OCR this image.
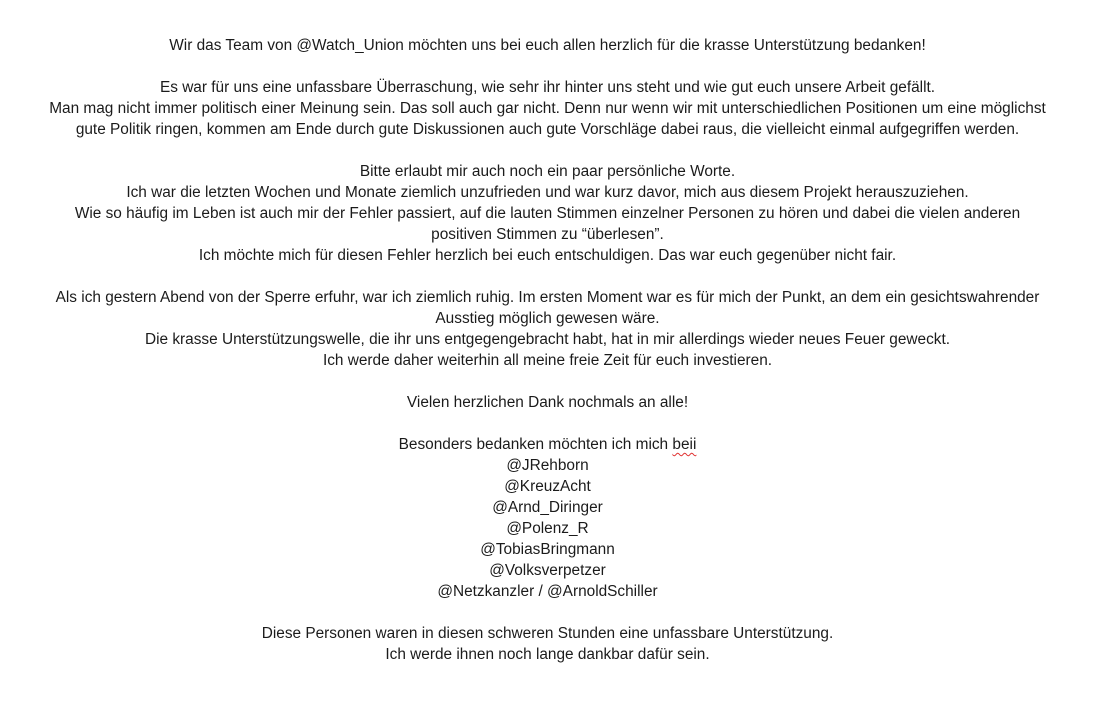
Wir das Team von @Watch_Union möchten uns bei euch allen herzlich für die krasse Unterstützung bedanken!

Es war für uns eine unfassbare Überraschung, wie sehr ihr hinter uns steht und wie gut euch unsere Arbeit gefällt.
Man mag nicht immer politisch einer Meinung sein. Das soll auch gar nicht. Denn nur wenn wir mit unterschiedlichen Positionen um eine möglichst gute Politik ringen, kommen am Ende durch gute Diskussionen auch gute Vorschläge dabei raus, die vielleicht einmal aufgegriffen werden.

Bitte erlaubt mir auch noch ein paar persönliche Worte.
Ich war die letzten Wochen und Monate ziemlich unzufrieden und war kurz davor, mich aus diesem Projekt herauszuziehen.
Wie so häufig im Leben ist auch mir der Fehler passiert, auf die lauten Stimmen einzelner Personen zu hören und dabei die vielen anderen positiven Stimmen zu “überlesen”.
Ich möchte mich für diesen Fehler herzlich bei euch entschuldigen. Das war euch gegenüber nicht fair.

Als ich gestern Abend von der Sperre erfuhr, war ich ziemlich ruhig. Im ersten Moment war es für mich der Punkt, an dem ein gesichtswahrender Ausstieg möglich gewesen wäre.
Die krasse Unterstützungswelle, die ihr uns entgegengebracht habt, hat in mir allerdings wieder neues Feuer geweckt.
Ich werde daher weiterhin all meine freie Zeit für euch investieren.

Vielen herzlichen Dank nochmals an alle!

Besonders bedanken möchten ich mich beii
@JRehborn
@KreuzAcht
@Arnd_Diringer
@Polenz_R
@TobiasBringmann
@Volksverpetzer
@Netzkanzler / @ArnoldSchiller

Diese Personen waren in diesen schweren Stunden eine unfassbare Unterstützung.
Ich werde ihnen noch lange dankbar dafür sein.
